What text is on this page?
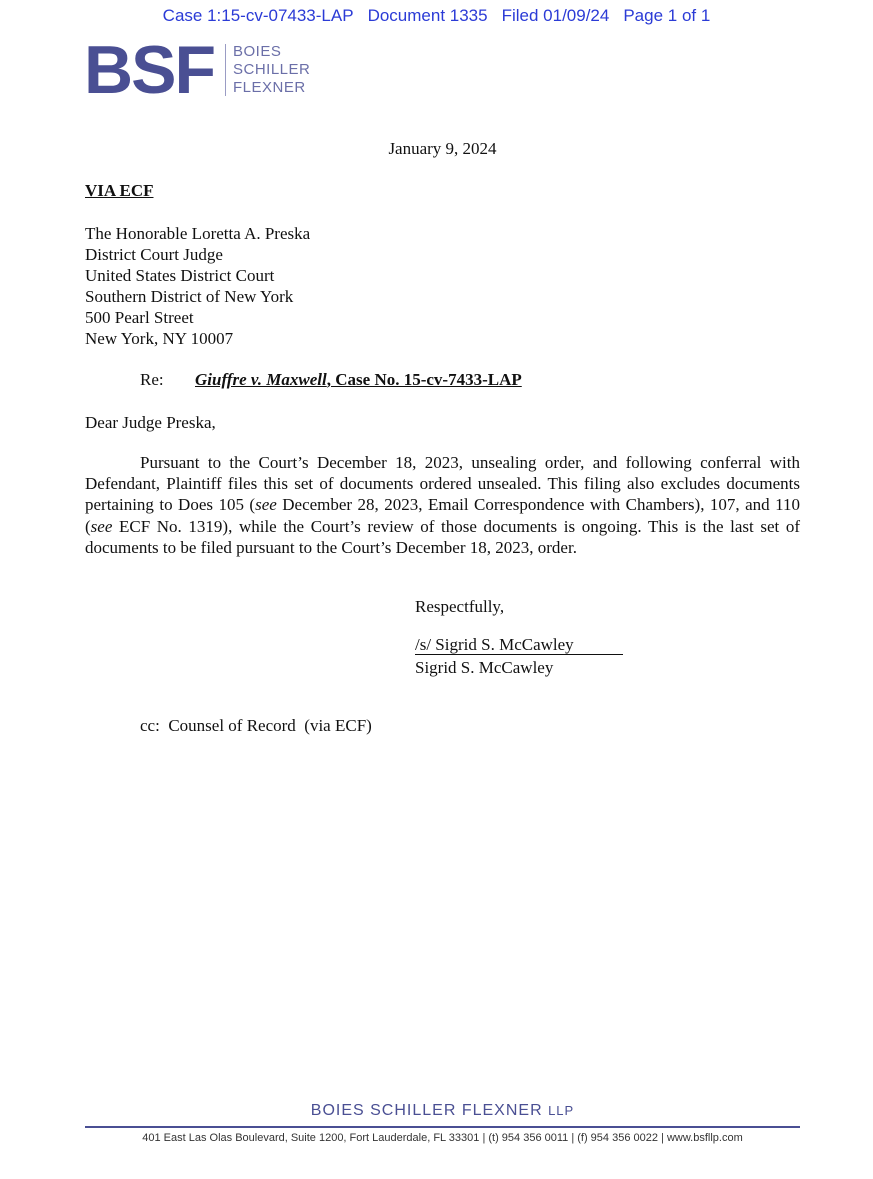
Case 1:15-cv-07433-LAP Document 1335 Filed 01/09/24 Page 1 of 1
BSF BOIES
SCHILLER
FLEXNER
January 9, 2024
VIA ECF
The Honorable Loretta A. Preska
District Court Judge
United States District Court
Southern District of New York
500 Pearl Street
New York, NY 10007
Re: Giuffre v. Maxwell, Case No. 15-cv-7433-LAP
Dear Judge Preska,
Pursuant to the Court’s December 18, 2023, unsealing order, and following conferral with Defendant, Plaintiff files this set of documents ordered unsealed. This filing also excludes documents pertaining to Does 105 (see December 28, 2023, Email Correspondence with Chambers), 107, and 110 (see ECF No. 1319), while the Court’s review of those documents is ongoing. This is the last set of documents to be filed pursuant to the Court’s December 18, 2023, order.
Respectfully,
/s/ Sigrid S. McCawley
Sigrid S. McCawley
cc:  Counsel of Record  (via ECF)
BOIES SCHILLER FLEXNER LLP
401 East Las Olas Boulevard, Suite 1200, Fort Lauderdale, FL 33301 | (t) 954 356 0011 | (f) 954 356 0022 | www.bsfllp.com
